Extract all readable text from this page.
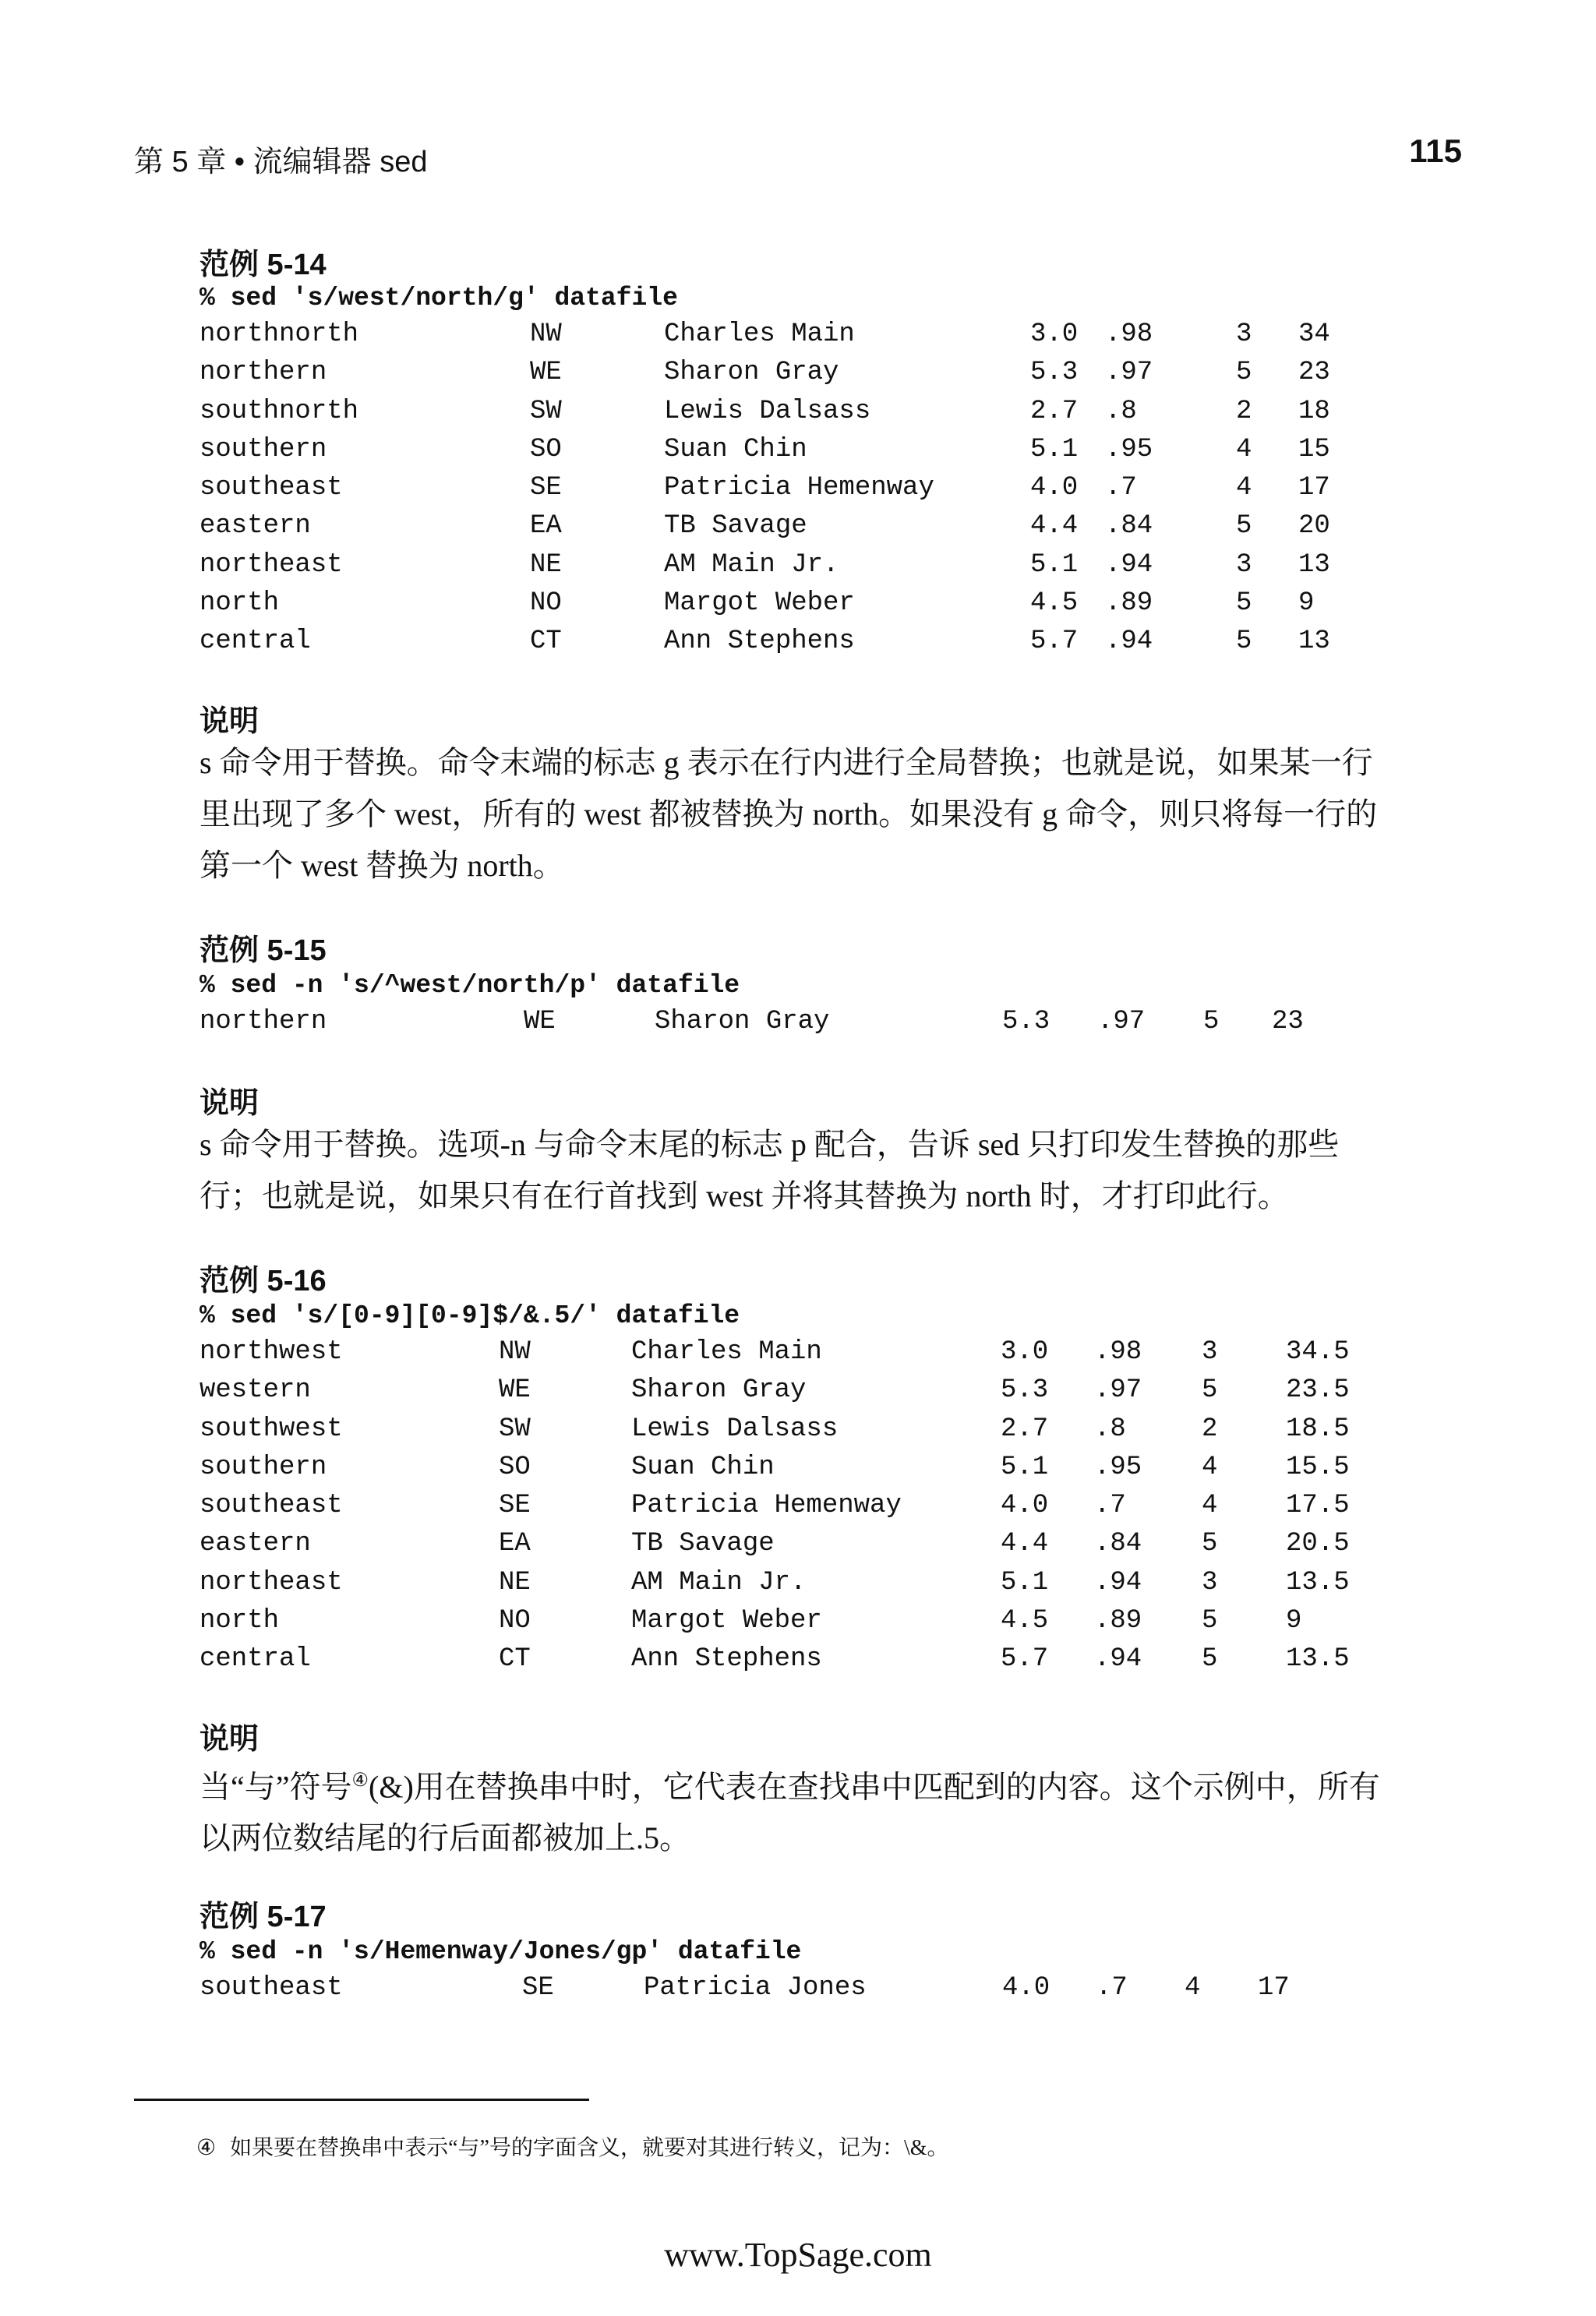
第 5 章 • 流编辑器 sed	115
范例 5-14
% sed 's/west/north/g' datafile
northnorth	NW	Charles Main	3.0 .98	3 34
northern	WE	Sharon Gray	5.3 .97	5 23
southnorth	SW	Lewis Dalsass	2.7 .8	2 18
southern	SO	Suan Chin	5.1 .95	4 15
southeast	SE	Patricia Hemenway	4.0 .7	4 17
eastern	EA	TB Savage	4.4 .84	5 20
northeast	NE	AM Main Jr.	5.1 .94	3 13
north	NO	Margot Weber	4.5 .89	5 9
central	CT	Ann Stephens	5.7 .94	5 13
说明
s 命令用于替换。命令末端的标志 g 表示在行内进行全局替换；也就是说，如果某一行里出现了多个 west，所有的 west 都被替换为 north。如果没有 g 命令，则只将每一行的第一个 west 替换为 north。
范例 5-15
% sed -n 's/^west/north/p' datafile
northern	WE	Sharon Gray	5.3 .97 5 23
说明
s 命令用于替换。选项-n 与命令末尾的标志 p 配合，告诉 sed 只打印发生替换的那些行；也就是说，如果只有在行首找到 west 并将其替换为 north 时，才打印此行。
范例 5-16
% sed 's/[0-9][0-9]$/&.5/' datafile
northwest	NW	Charles Main	3.0 .98 3	34.5
western	WE	Sharon Gray	5.3 .97 5	23.5
southwest	SW	Lewis Dalsass	2.7 .8	2	18.5
southern	SO	Suan Chin	5.1 .95 4	15.5
southeast	SE	Patricia Hemenway	4.0 .7	4	17.5
eastern	EA	TB Savage	4.4 .84 5	20.5
northeast	NE	AM Main Jr.	5.1 .94 3	13.5
north	NO	Margot Weber	4.5 .89 5	9
central	CT	Ann Stephens	5.7 .94 5	13.5
说明
当“与”符号④(&)用在替换串中时，它代表在查找串中匹配到的内容。这个示例中，所有以两位数结尾的行后面都被加上.5。
范例 5-17
% sed -n 's/Hemenway/Jones/gp' datafile
southeast	SE	Patricia Jones	4.0 .7 4 17
④ 如果要在替换串中表示“与”号的字面含义，就要对其进行转义，记为：\&。
www.TopSage.com
